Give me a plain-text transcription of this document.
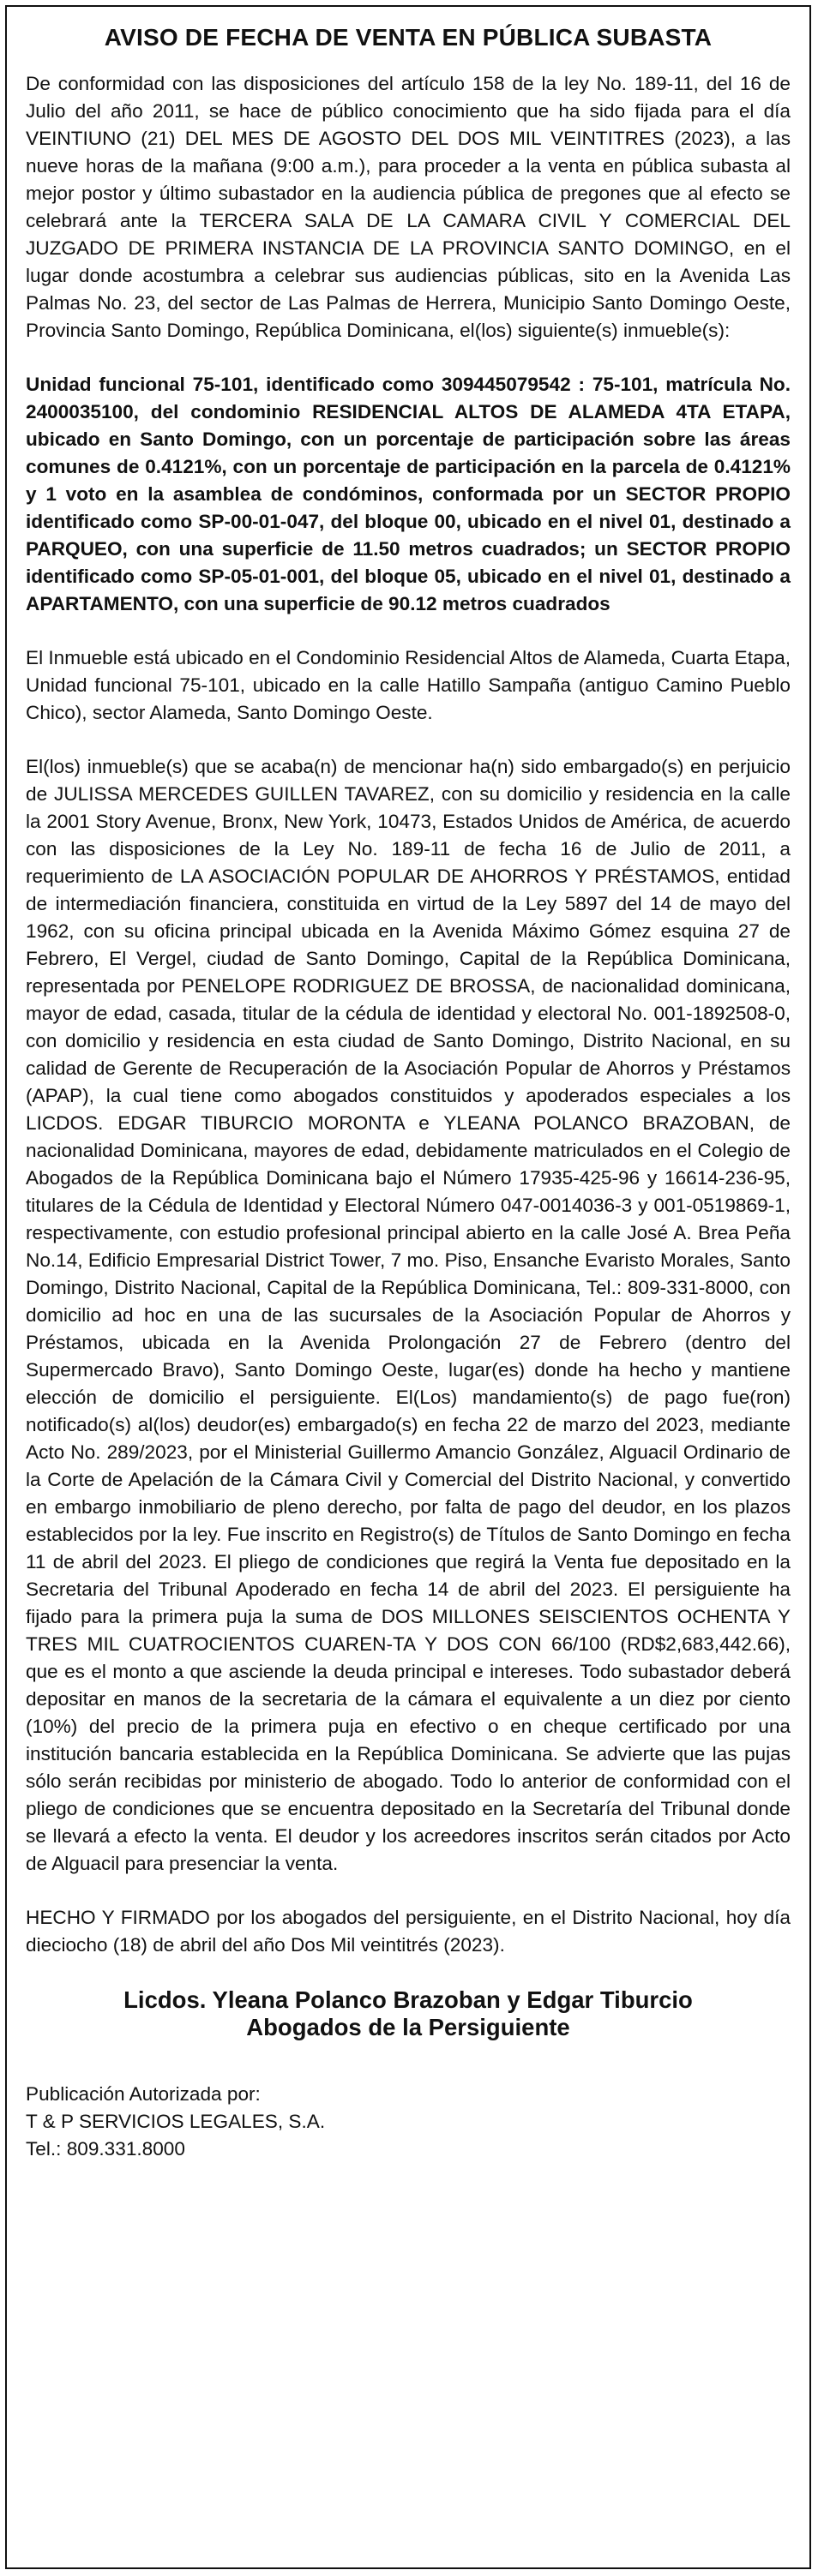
AVISO DE FECHA DE VENTA EN PÚBLICA SUBASTA

De conformidad con las disposiciones del artículo 158 de la ley No. 189-11, del 16 de Julio del año 2011, se hace de público conocimiento que ha sido fijada para el día VEINTIUNO (21) DEL MES DE AGOSTO DEL DOS MIL VEINTITRES (2023), a las nueve horas de la mañana (9:00 a.m.), para proceder a la venta en pública subasta al mejor postor y último subastador en la audiencia pública de pregones que al efecto se celebrará ante la TERCERA SALA DE LA CAMARA CIVIL Y COMERCIAL DEL JUZGADO DE PRIMERA INSTANCIA DE LA PROVINCIA SANTO DOMINGO, en el lugar donde acostumbra a celebrar sus audiencias públicas, sito en la Avenida Las Palmas No. 23, del sector de Las Palmas de Herrera, Municipio Santo Domingo Oeste, Provincia Santo Domingo, República Dominicana, el(los) siguiente(s) inmueble(s):

Unidad funcional 75-101, identificado como 309445079542 : 75-101, matrícula No. 2400035100, del condominio RESIDENCIAL ALTOS DE ALAMEDA 4TA ETAPA, ubicado en Santo Domingo, con un porcentaje de participación sobre las áreas comunes de 0.4121%, con un porcentaje de participación en la parcela de 0.4121% y 1 voto en la asamblea de condóminos, conformada por un SECTOR PROPIO identificado como SP-00-01-047, del bloque 00, ubicado en el nivel 01, destinado a PARQUEO, con una superficie de 11.50 metros cuadrados; un SECTOR PROPIO identificado como SP-05-01-001, del bloque 05, ubicado en el nivel 01, destinado a APARTAMENTO, con una superficie de 90.12 metros cuadrados

El Inmueble está ubicado en el Condominio Residencial Altos de Alameda, Cuarta Etapa, Unidad funcional 75-101, ubicado en la calle Hatillo Sampaña (antiguo Camino Pueblo Chico), sector Alameda, Santo Domingo Oeste.

El(los) inmueble(s) que se acaba(n) de mencionar ha(n) sido embargado(s) en perjuicio de JULISSA MERCEDES GUILLEN TAVAREZ, con su domicilio y residencia en la calle la 2001 Story Avenue, Bronx, New York, 10473, Estados Unidos de América, de acuerdo con las disposiciones de la Ley No. 189-11 de fecha 16 de Julio de 2011, a requerimiento de LA ASOCIACIÓN POPULAR DE AHORROS Y PRÉSTAMOS, entidad de intermediación financiera, constituida en virtud de la Ley 5897 del 14 de mayo del 1962, con su oficina principal ubicada en la Avenida Máximo Gómez esquina 27 de Febrero, El Vergel, ciudad de Santo Domingo, Capital de la República Dominicana, representada por PENELOPE RODRIGUEZ DE BROSSA, de nacionalidad dominicana, mayor de edad, casada, titular de la cédula de identidad y electoral No. 001-1892508-0, con domicilio y residencia en esta ciudad de Santo Domingo, Distrito Nacional, en su calidad de Gerente de Recuperación de la Asociación Popular de Ahorros y Préstamos (APAP), la cual tiene como abogados constituidos y apoderados especiales a los LICDOS. EDGAR TIBURCIO MORONTA e YLEANA POLANCO BRAZOBAN, de nacionalidad Dominicana, mayores de edad, debidamente matriculados en el Colegio de Abogados de la República Dominicana bajo el Número 17935-425-96 y 16614-236-95, titulares de la Cédula de Identidad y Electoral Número 047-0014036-3 y 001-0519869-1, respectivamente, con estudio profesional principal abierto en la calle José A. Brea Peña No.14, Edificio Empresarial District Tower, 7 mo. Piso, Ensanche Evaristo Morales, Santo Domingo, Distrito Nacional, Capital de la República Dominicana, Tel.: 809-331-8000, con domicilio ad hoc en una de las sucursales de la Asociación Popular de Ahorros y Préstamos, ubicada en la Avenida Prolongación 27 de Febrero (dentro del Supermercado Bravo), Santo Domingo Oeste, lugar(es) donde ha hecho y mantiene elección de domicilio el persiguiente. El(Los) mandamiento(s) de pago fue(ron) notificado(s) al(los) deudor(es) embargado(s) en fecha 22 de marzo del 2023, mediante Acto No. 289/2023, por el Ministerial Guillermo Amancio González, Alguacil Ordinario de la Corte de Apelación de la Cámara Civil y Comercial del Distrito Nacional, y convertido en embargo inmobiliario de pleno derecho, por falta de pago del deudor, en los plazos establecidos por la ley. Fue inscrito en Registro(s) de Títulos de Santo Domingo en fecha 11 de abril del 2023. El pliego de condiciones que regirá la Venta fue depositado en la Secretaria del Tribunal Apoderado en fecha 14 de abril del 2023. El persiguiente ha fijado para la primera puja la suma de DOS MILLONES SEISCIENTOS OCHENTA Y TRES MIL CUATROCIENTOS CUAREN-TA Y DOS CON 66/100 (RD$2,683,442.66), que es el monto a que asciende la deuda principal e intereses. Todo subastador deberá depositar en manos de la secretaria de la cámara el equivalente a un diez por ciento (10%) del precio de la primera puja en efectivo o en cheque certificado por una institución bancaria establecida en la República Dominicana. Se advierte que las pujas sólo serán recibidas por ministerio de abogado. Todo lo anterior de conformidad con el pliego de condiciones que se encuentra depositado en la Secretaría del Tribunal donde se llevará a efecto la venta. El deudor y los acreedores inscritos serán citados por Acto de Alguacil para presenciar la venta.

HECHO Y FIRMADO por los abogados del persiguiente, en el Distrito Nacional, hoy día dieciocho (18) de abril del año Dos Mil veintitrés (2023).

Licdos. Yleana Polanco Brazoban y Edgar Tiburcio
Abogados de la Persiguiente
Publicación Autorizada por:
T & P SERVICIOS LEGALES, S.A.
Tel.: 809.331.8000
